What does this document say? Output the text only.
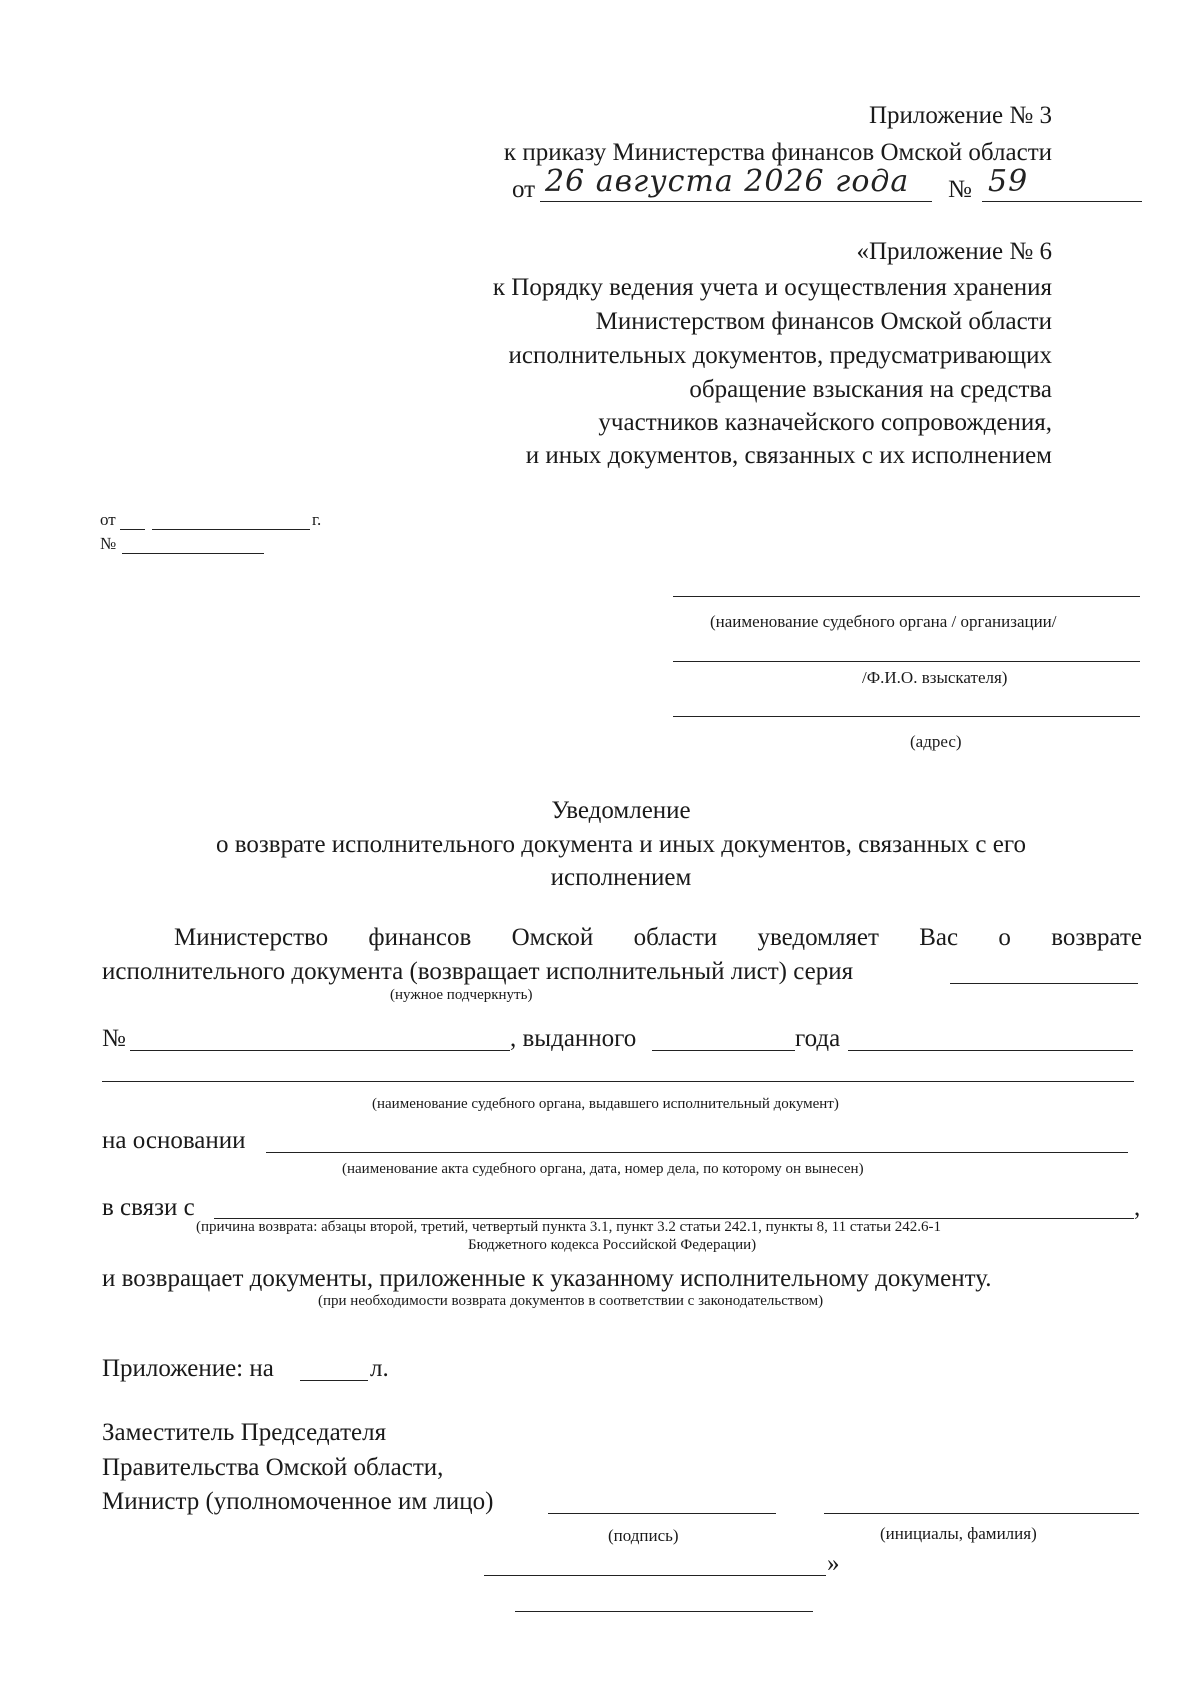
Приложение № 3
к приказу Министерства финансов Омской области
от 26 августа 2026 года № 59
«Приложение № 6
к Порядку ведения учета и осуществления хранения
Министерством финансов Омской области
исполнительных документов, предусматривающих
обращение взыскания на средства
участников казначейского сопровождения,
и иных документов, связанных с их исполнением
от	г.
№
(наименование судебного органа / организации/
/Ф.И.О. взыскателя)
(адрес)
Уведомление
о возврате исполнительного документа и иных документов, связанных с его
исполнением
Министерство финансов Омской области уведомляет Вас о возврате
исполнительного документа (возвращает исполнительный лист) серия
(нужное подчеркнуть)
№	, выданного	года
(наименование судебного органа, выдавшего исполнительный документ)
на основании
(наименование акта судебного органа, дата, номер дела, по которому он вынесен)
в связи с	,
(причина возврата: абзацы второй, третий, четвертый пункта 3.1, пункт 3.2 статьи 242.1, пункты 8, 11 статьи 242.6-1
Бюджетного кодекса Российской Федерации)
и возвращает документы, приложенные к указанному исполнительному документу.
(при необходимости возврата документов в соответствии с законодательством)
Приложение: на	л.
Заместитель Председателя
Правительства Омской области,
Министр (уполномоченное им лицо)
(подпись)	(инициалы, фамилия)
»
